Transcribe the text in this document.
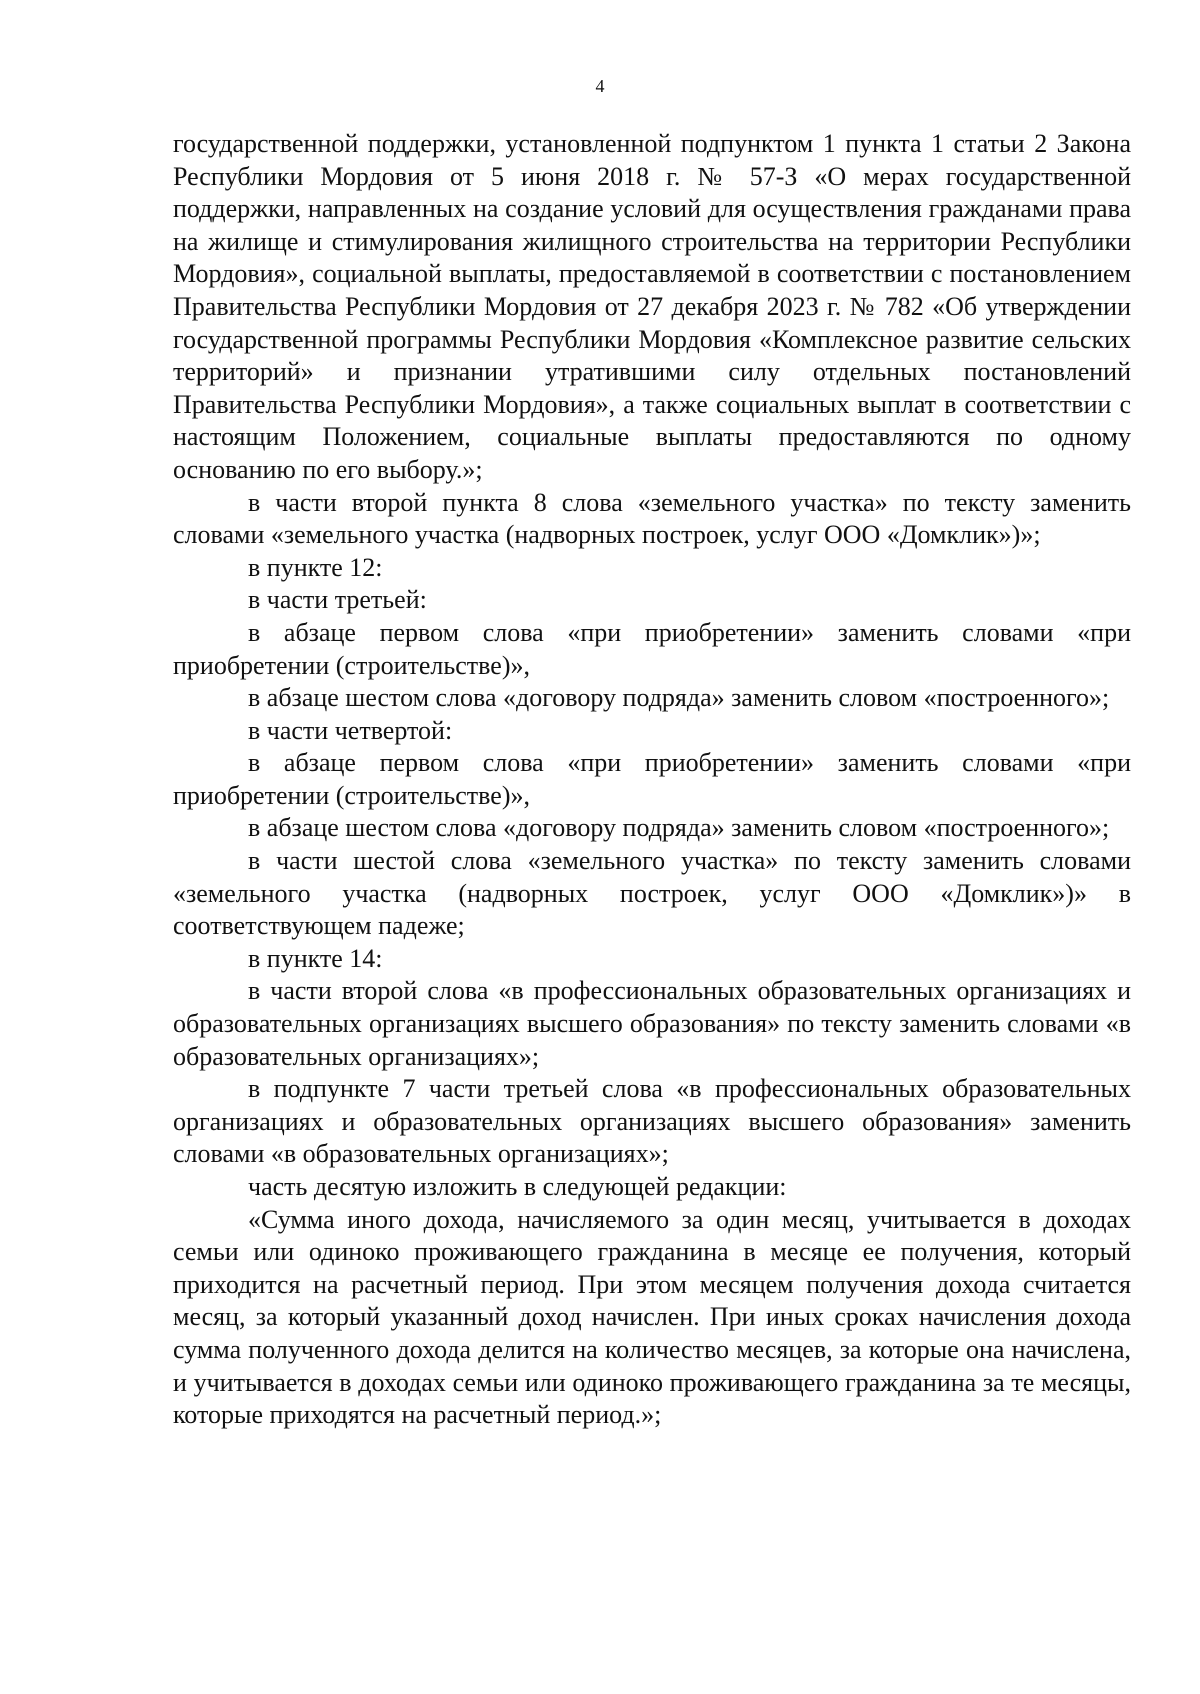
4

государственной поддержки, установленной подпунктом 1 пункта 1 статьи 2 Закона Республики Мордовия от 5 июня 2018 г. № 57-З «О мерах государственной поддержки, направленных на создание условий для осуществления гражданами права на жилище и стимулирования жилищного строительства на территории Республики Мордовия», социальной выплаты, предоставляемой в соответствии с постановлением Правительства Республики Мордовия от 27 декабря 2023 г. № 782 «Об утверждении государственной программы Республики Мордовия «Комплексное развитие сельских территорий» и признании утратившими силу отдельных постановлений Правительства Республики Мордовия», а также социальных выплат в соответствии с настоящим Положением, социальные выплаты предоставляются по одному основанию по его выбору.»;

в части второй пункта 8 слова «земельного участка» по тексту заменить словами «земельного участка (надворных построек, услуг ООО «Домклик»)»;

в пункте 12:

в части третьей:

в абзаце первом слова «при приобретении» заменить словами «при приобретении (строительстве)»,

в абзаце шестом слова «договору подряда» заменить словом «построенного»;

в части четвертой:

в абзаце первом слова «при приобретении» заменить словами «при приобретении (строительстве)»,

в абзаце шестом слова «договору подряда» заменить словом «построенного»;

в части шестой слова «земельного участка» по тексту заменить словами «земельного участка (надворных построек, услуг ООО «Домклик»)» в соответствующем падеже;

в пункте 14:

в части второй слова «в профессиональных образовательных организациях и образовательных организациях высшего образования» по тексту заменить словами «в образовательных организациях»;

в подпункте 7 части третьей слова «в профессиональных образовательных организациях и образовательных организациях высшего образования» заменить словами «в образовательных организациях»;

часть десятую изложить в следующей редакции:

«Сумма иного дохода, начисляемого за один месяц, учитывается в доходах семьи или одиноко проживающего гражданина в месяце ее получения, который приходится на расчетный период. При этом месяцем получения дохода считается месяц, за который указанный доход начислен. При иных сроках начисления дохода сумма полученного дохода делится на количество месяцев, за которые она начислена, и учитывается в доходах семьи или одиноко проживающего гражданина за те месяцы, которые приходятся на расчетный период.»;
